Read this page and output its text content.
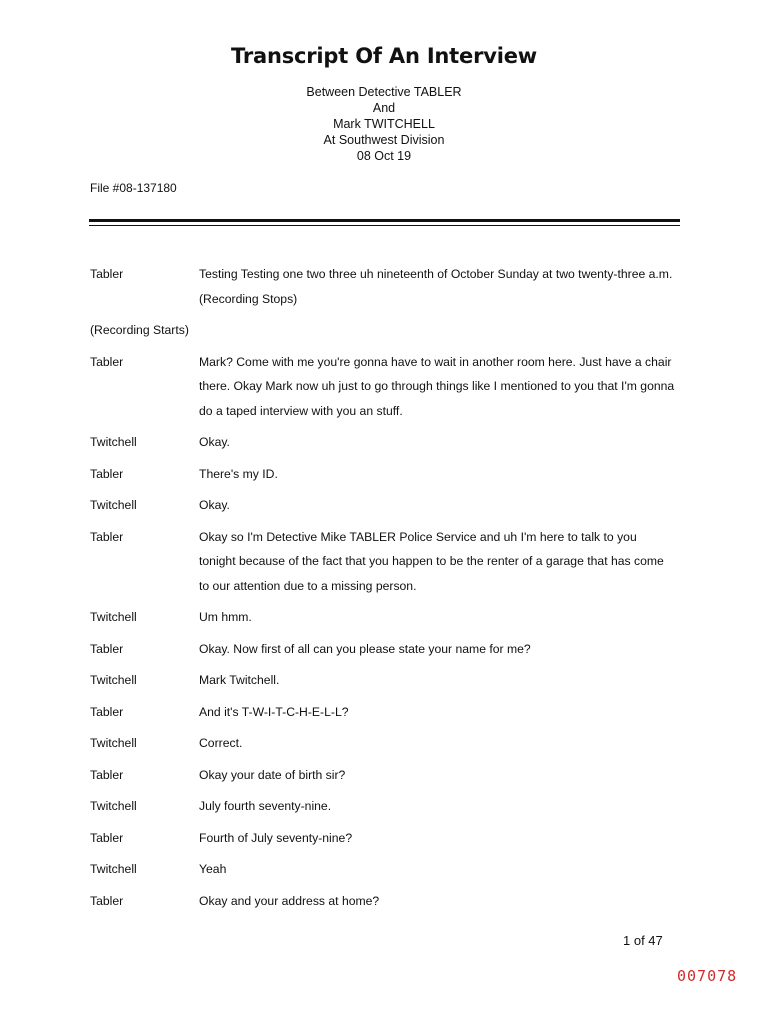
Transcript Of An Interview
Between Detective TABLER
And
Mark TWITCHELL
At Southwest Division
08 Oct 19
File #08-137180
Tabler	Testing Testing one two three uh nineteenth of October Sunday at two twenty-three a.m. (Recording Stops)
(Recording Starts)
Tabler	Mark? Come with me you're gonna have to wait in another room here. Just have a chair there. Okay Mark now uh just to go through things like I mentioned to you that I'm gonna do a taped interview with you an stuff.
Twitchell	Okay.
Tabler	There's my ID.
Twitchell	Okay.
Tabler	Okay so I'm Detective Mike TABLER Police Service and uh I'm here to talk to you tonight because of the fact that you happen to be the renter of a garage that has come to our attention due to a missing person.
Twitchell	Um hmm.
Tabler	Okay. Now first of all can you please state your name for me?
Twitchell	Mark Twitchell.
Tabler	And it's T-W-I-T-C-H-E-L-L?
Twitchell	Correct.
Tabler	Okay your date of birth sir?
Twitchell	July fourth seventy-nine.
Tabler	Fourth of July seventy-nine?
Twitchell	Yeah
Tabler	Okay and your address at home?
1 of 47
007078
